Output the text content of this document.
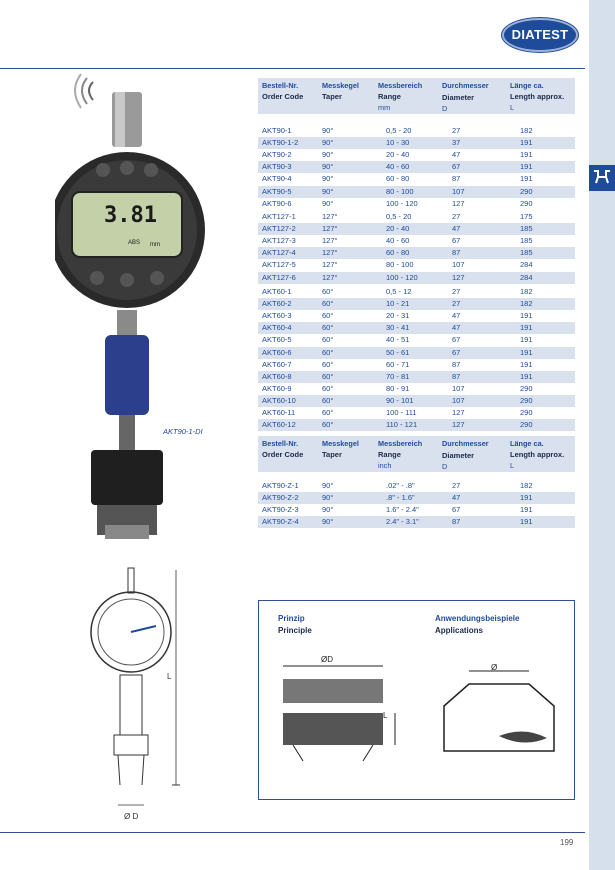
DIATEST
3.81
ABS mm
AKT90-1-DI
L
Ø D
Bestell-Nr.	Messkegel	Messbereich	Durchmesser	Länge ca.
Order Code Taper	Range	Diameter	Length approx.
mm	D	L
Bestell-Nr.	Messkegel	Messbereich	Durchmesser	Länge ca.
Order Code Taper	Range	Diameter	Length approx.
inch	D	L
AKT90-1	90°	0,5 - 20	27	182
AKT90-1-2	90°	10 - 30	37	191
AKT90-2	90°	20 - 40	47	191
AKT90-3	90°	40 - 60	67	191
AKT90-4	90°	60 - 80	87	191
AKT90-5	90°	80 - 100	107	290
AKT90-6	90°	100 - 120	127	290
AKT127-1	127°	0,5 - 20	27	175
AKT127-2	127°	20 - 40	47	185
AKT127-3	127°	40 - 60	67	185
AKT127-4	127°	60 - 80	87	185
AKT127-5	127°	80 - 100	107	284
AKT127-6	127°	100 - 120	127	284
AKT60-1	60°	0,5 - 12	27	182
AKT60-2	60°	10 - 21	27	182
AKT60-3	60°	20 - 31	47	191
AKT60-4	60°	30 - 41	47	191
AKT60-5	60°	40 - 51	67	191
AKT60-6	60°	50 - 61	67	191
AKT60-7	60°	60 - 71	87	191
AKT60-8	60°	70 - 81	87	191
AKT60-9	60°	80 - 91	107	290
AKT60-10	60°	90 - 101	107	290
AKT60-11	60°	100 - 111	127	290
AKT60-12	60°	110 - 121	127	290
AKT90-Z-1	90°	.02" - .8"	27	182
AKT90-Z-2	90°	.8" - 1.6"	47	191
AKT90-Z-3	90°	1.6" - 2.4"	67	191
AKT90-Z-4	90°	2.4" - 3.1"	87	191
Prinzip
Principle
Anwendungsbeispiele
Applications
ØD
L
Ø
199
